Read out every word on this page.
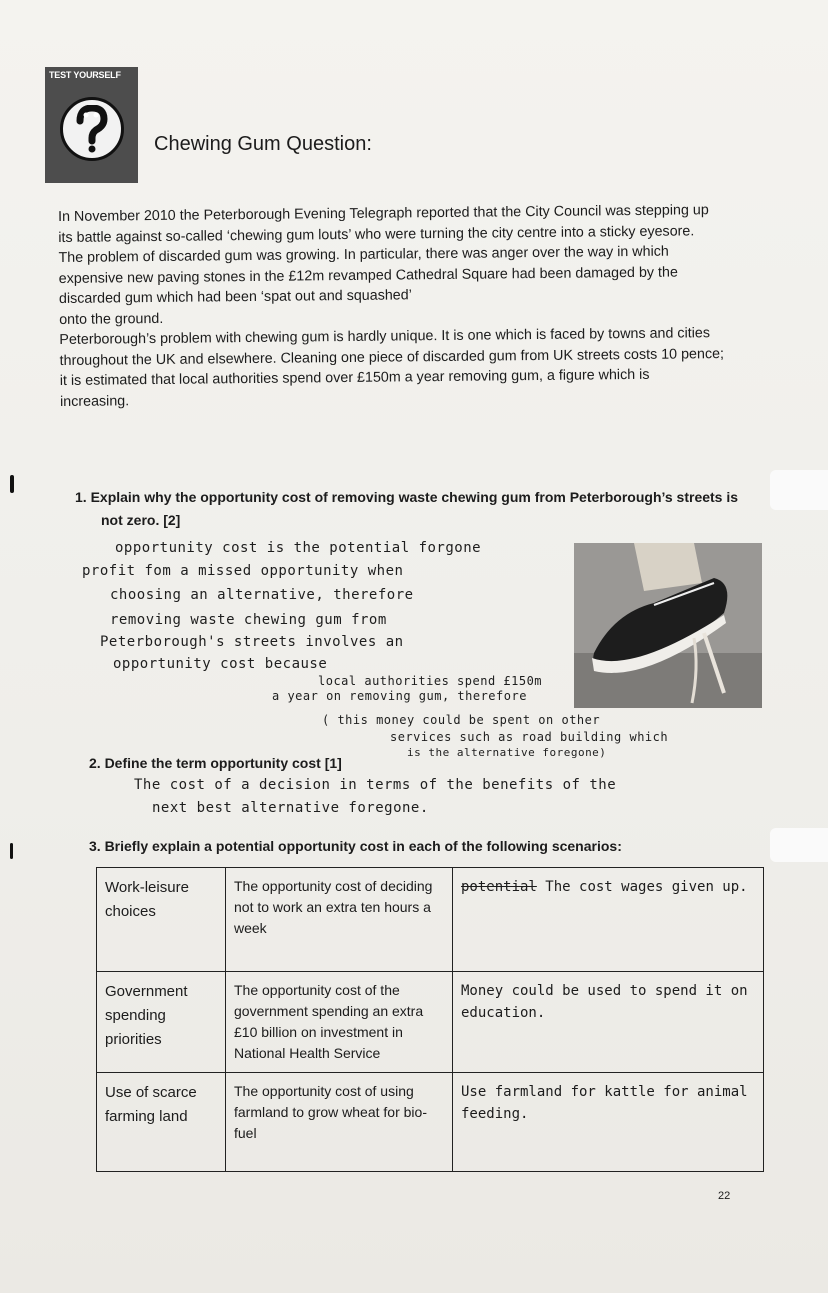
TEST YOURSELF
Chewing Gum Question:

In November 2010 the Peterborough Evening Telegraph reported that the City Council was stepping up

its battle against so-called ‘chewing gum louts’ who were turning the city centre into a sticky eyesore.

The problem of discarded gum was growing. In particular, there was anger over the way in which

expensive new paving stones in the £12m revamped Cathedral Square had been damaged by the

discarded gum which had been ‘spat out and squashed’

onto the ground.

Peterborough’s problem with chewing gum is hardly unique. It is one which is faced by towns and cities

throughout the UK and elsewhere. Cleaning one piece of discarded gum from UK streets costs 10 pence;

it is estimated that local authorities spend over £150m a year removing gum, a figure which is

increasing.

1. Explain why the opportunity cost of removing waste chewing gum from Peterborough’s streets is
not zero. [2]
opportunity cost is the potential forgone
profit fom a missed opportunity when
choosing an alternative, therefore
removing waste chewing gum from
Peterborough's streets involves an
opportunity cost because
local authorities spend £150m
a year on removing gum, therefore
( this money could be spent on other
services such as road building which
is the alternative foregone)
2. Define the term opportunity cost [1]
The cost of a decision in terms of the benefits of the
next best alternative foregone.
3. Briefly explain a potential opportunity cost in each of the following scenarios:
Work-leisure choices	The opportunity cost of deciding not to work an extra ten hours a week	potential The cost wages given up.
Government spending priorities	The opportunity cost of the government spending an extra £10 billion on investment in National Health Service	Money could be used to spend it on education.
Use of scarce farming land	The opportunity cost of using farmland to grow wheat for bio-fuel	Use farmland for kattle for animal feeding.
22
